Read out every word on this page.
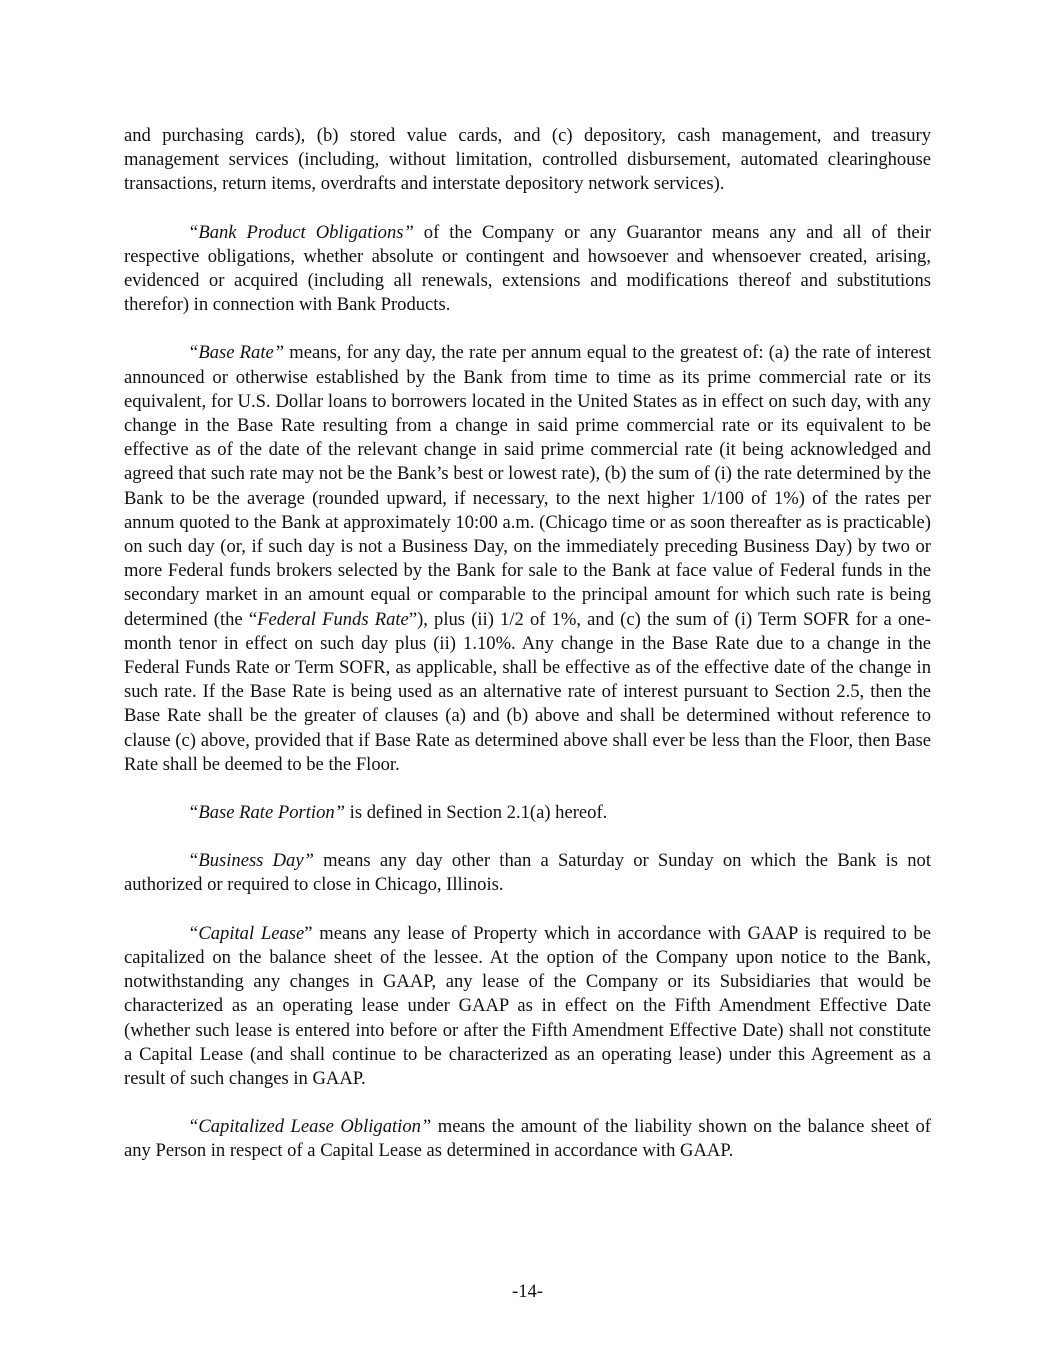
and purchasing cards), (b) stored value cards, and (c) depository, cash management, and treasury management services (including, without limitation, controlled disbursement, automated clearinghouse transactions, return items, overdrafts and interstate depository network services).

“Bank Product Obligations” of the Company or any Guarantor means any and all of their respective obligations, whether absolute or contingent and howsoever and whensoever created, arising, evidenced or acquired (including all renewals, extensions and modifications thereof and substitutions therefor) in connection with Bank Products.

“Base Rate” means, for any day, the rate per annum equal to the greatest of: (a) the rate of interest announced or otherwise established by the Bank from time to time as its prime commercial rate or its equivalent, for U.S. Dollar loans to borrowers located in the United States as in effect on such day, with any change in the Base Rate resulting from a change in said prime commercial rate or its equivalent to be effective as of the date of the relevant change in said prime commercial rate (it being acknowledged and agreed that such rate may not be the Bank’s best or lowest rate), (b) the sum of (i) the rate determined by the Bank to be the average (rounded upward, if necessary, to the next higher 1/100 of 1%) of the rates per annum quoted to the Bank at approximately 10:00 a.m. (Chicago time or as soon thereafter as is practicable) on such day (or, if such day is not a Business Day, on the immediately preceding Business Day) by two or more Federal funds brokers selected by the Bank for sale to the Bank at face value of Federal funds in the secondary market in an amount equal or comparable to the principal amount for which such rate is being determined (the “Federal Funds Rate”), plus (ii) 1/2 of 1%, and (c) the sum of (i) Term SOFR for a one-month tenor in effect on such day plus (ii) 1.10%. Any change in the Base Rate due to a change in the Federal Funds Rate or Term SOFR, as applicable, shall be effective as of the effective date of the change in such rate. If the Base Rate is being used as an alternative rate of interest pursuant to Section 2.5, then the Base Rate shall be the greater of clauses (a) and (b) above and shall be determined without reference to clause (c) above, provided that if Base Rate as determined above shall ever be less than the Floor, then Base Rate shall be deemed to be the Floor.

“Base Rate Portion” is defined in Section 2.1(a) hereof.

“Business Day” means any day other than a Saturday or Sunday on which the Bank is not authorized or required to close in Chicago, Illinois.

“Capital Lease” means any lease of Property which in accordance with GAAP is required to be capitalized on the balance sheet of the lessee. At the option of the Company upon notice to the Bank, notwithstanding any changes in GAAP, any lease of the Company or its Subsidiaries that would be characterized as an operating lease under GAAP as in effect on the Fifth Amendment Effective Date (whether such lease is entered into before or after the Fifth Amendment Effective Date) shall not constitute a Capital Lease (and shall continue to be characterized as an operating lease) under this Agreement as a result of such changes in GAAP.

“Capitalized Lease Obligation” means the amount of the liability shown on the balance sheet of any Person in respect of a Capital Lease as determined in accordance with GAAP.

-14-
